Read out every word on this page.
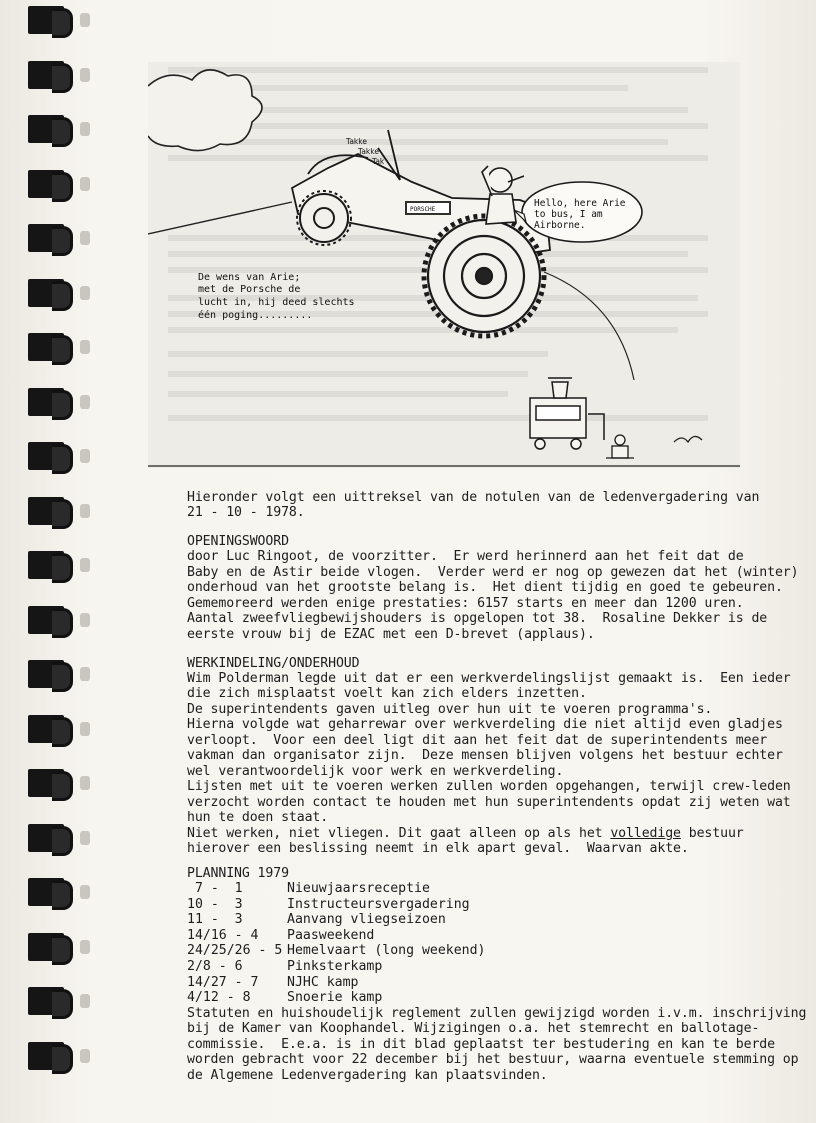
PORSCHE
Hello, here Arie to bus, I am Airborne.
Takke Takke Tak
De wens van Arie; met de Porsche de lucht in, hij deed slechts één poging.........
Hieronder volgt een uittreksel van de notulen van de ledenvergadering van
21 - 10 - 1978.
OPENINGSWOORD
door Luc Ringoot, de voorzitter.  Er werd herinnerd aan het feit dat de
Baby en de Astir beide vlogen.  Verder werd er nog op gewezen dat het (winter)
onderhoud van het grootste belang is.  Het dient tijdig en goed te gebeuren.
Gememoreerd werden enige prestaties: 6157 starts en meer dan 1200 uren.
Aantal zweefvliegbewijshouders is opgelopen tot 38.  Rosaline Dekker is de
eerste vrouw bij de EZAC met een D-brevet (applaus).
WERKINDELING/ONDERHOUD
Wim Polderman legde uit dat er een werkverdelingslijst gemaakt is.  Een ieder
die zich misplaatst voelt kan zich elders inzetten.
De superintendents gaven uitleg over hun uit te voeren programma's.
Hierna volgde wat geharrewar over werkverdeling die niet altijd even gladjes
verloopt.  Voor een deel ligt dit aan het feit dat de superintendents meer
vakman dan organisator zijn.  Deze mensen blijven volgens het bestuur echter
wel verantwoordelijk voor werk en werkverdeling.
Lijsten met uit te voeren werken zullen worden opgehangen, terwijl crew-leden
verzocht worden contact te houden met hun superintendents opdat zij weten wat
hun te doen staat.
Niet werken, niet vliegen. Dit gaat alleen op als het volledige bestuur
hierover een beslissing neemt in elk apart geval.  Waarvan akte.
PLANNING 1979
7 -  1	Nieuwjaarsreceptie
10 -  3	Instructeursvergadering
11 -  3	Aanvang vliegseizoen
14/16 - 4 Paasweekend
24/25/26 - 5 Hemelvaart (long weekend)
2/8 - 6	Pinksterkamp
14/27 - 7 NJHC kamp
4/12 - 8	Snoerie kamp
Statuten en huishoudelijk reglement zullen gewijzigd worden i.v.m. inschrijving
bij de Kamer van Koophandel. Wijzigingen o.a. het stemrecht en ballotage-
commissie.  E.e.a. is in dit blad geplaatst ter bestudering en kan te berde
worden gebracht voor 22 december bij het bestuur, waarna eventuele stemming op
de Algemene Ledenvergadering kan plaatsvinden.
